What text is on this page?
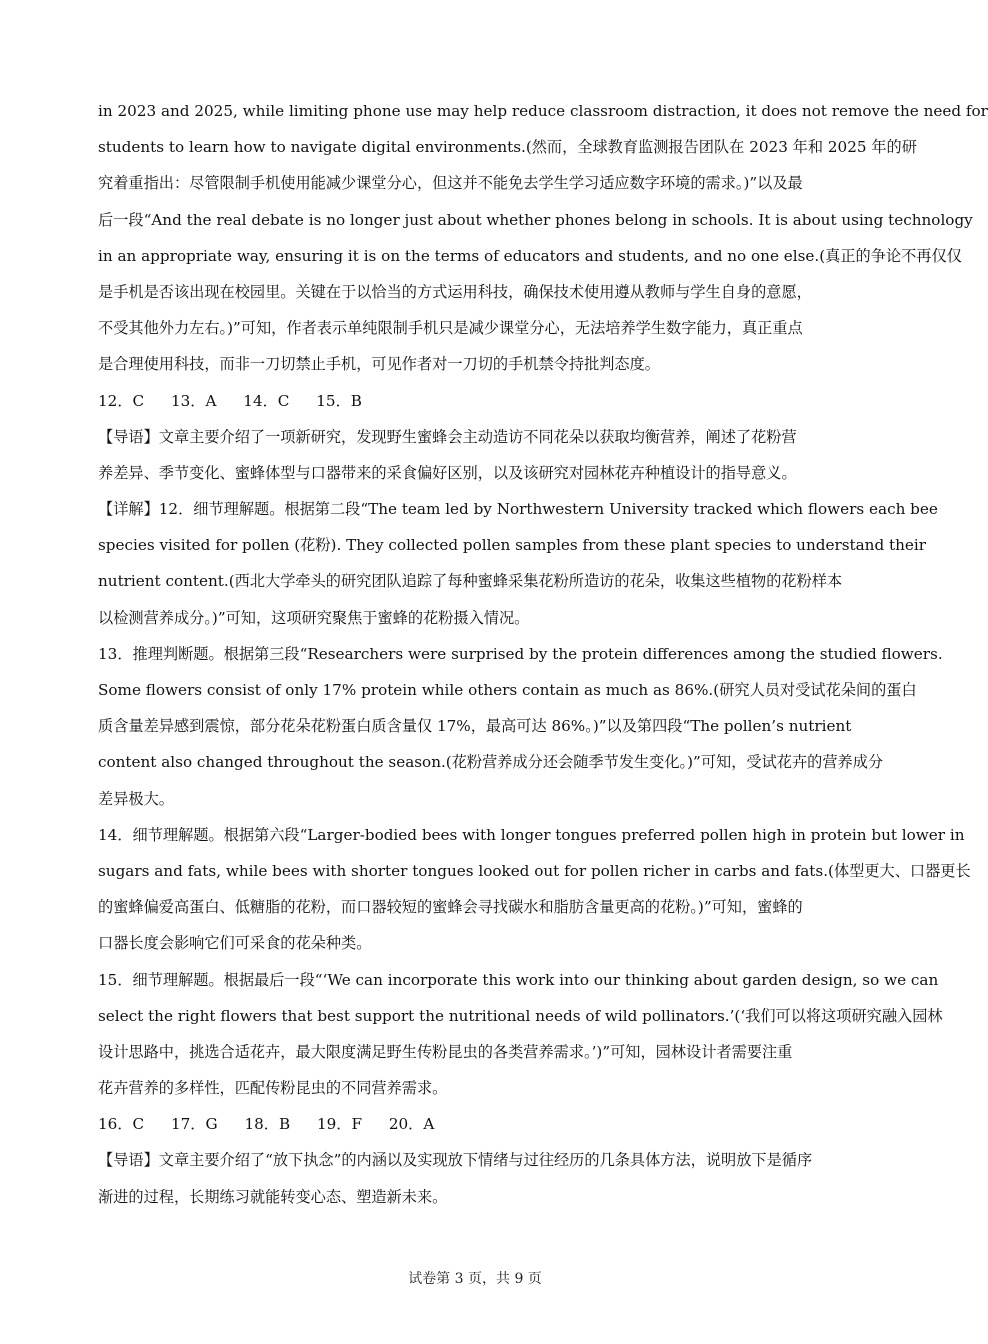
in 2023 and 2025, while limiting phone use may help reduce classroom distraction, it does not remove the need for
students to learn how to navigate digital environments.(然而，全球教育监测报告团队在 2023 年和 2025 年的研
究着重指出：尽管限制手机使用能减少课堂分心，但这并不能免去学生学习适应数字环境的需求。)”以及最
后一段“And the real debate is no longer just about whether phones belong in schools. It is about using technology
in an appropriate way, ensuring it is on the terms of educators and students, and no one else.(真正的争论不再仅仅
是手机是否该出现在校园里。关键在于以恰当的方式运用科技，确保技术使用遵从教师与学生自身的意愿，
不受其他外力左右。)”可知，作者表示单纯限制手机只是减少课堂分心，无法培养学生数字能力，真正重点
是合理使用科技，而非一刀切禁止手机，可见作者对一刀切的手机禁令持批判态度。
12．C 13．A 14．C 15．B
【导语】文章主要介绍了一项新研究，发现野生蜜蜂会主动造访不同花朵以获取均衡营养，阐述了花粉营
养差异、季节变化、蜜蜂体型与口器带来的采食偏好区别，以及该研究对园林花卉种植设计的指导意义。
【详解】12．细节理解题。根据第二段“The team led by Northwestern University tracked which flowers each bee
species visited for pollen (花粉). They collected pollen samples from these plant species to understand their
nutrient content.(西北大学牵头的研究团队追踪了每种蜜蜂采集花粉所造访的花朵，收集这些植物的花粉样本
以检测营养成分。)”可知，这项研究聚焦于蜜蜂的花粉摄入情况。
13．推理判断题。根据第三段“Researchers were surprised by the protein differences among the studied flowers.
Some flowers consist of only 17% protein while others contain as much as 86%.(研究人员对受试花朵间的蛋白
质含量差异感到震惊，部分花朵花粉蛋白质含量仅 17%，最高可达 86%。)”以及第四段“The pollen’s nutrient
content also changed throughout the season.(花粉营养成分还会随季节发生变化。)”可知，受试花卉的营养成分
差异极大。
14．细节理解题。根据第六段“Larger-bodied bees with longer tongues preferred pollen high in protein but lower in
sugars and fats, while bees with shorter tongues looked out for pollen richer in carbs and fats.(体型更大、口器更长
的蜜蜂偏爱高蛋白、低糖脂的花粉，而口器较短的蜜蜂会寻找碳水和脂肪含量更高的花粉。)”可知，蜜蜂的
口器长度会影响它们可采食的花朵种类。
15．细节理解题。根据最后一段“‘We can incorporate this work into our thinking about garden design, so we can
select the right flowers that best support the nutritional needs of wild pollinators.’(‘我们可以将这项研究融入园林
设计思路中，挑选合适花卉，最大限度满足野生传粉昆虫的各类营养需求。’)”可知，园林设计者需要注重
花卉营养的多样性，匹配传粉昆虫的不同营养需求。
16．C 17．G 18．B 19．F 20．A
【导语】文章主要介绍了“放下执念”的内涵以及实现放下情绪与过往经历的几条具体方法，说明放下是循序
渐进的过程，长期练习就能转变心态、塑造新未来。
试卷第 3 页，共 9 页
